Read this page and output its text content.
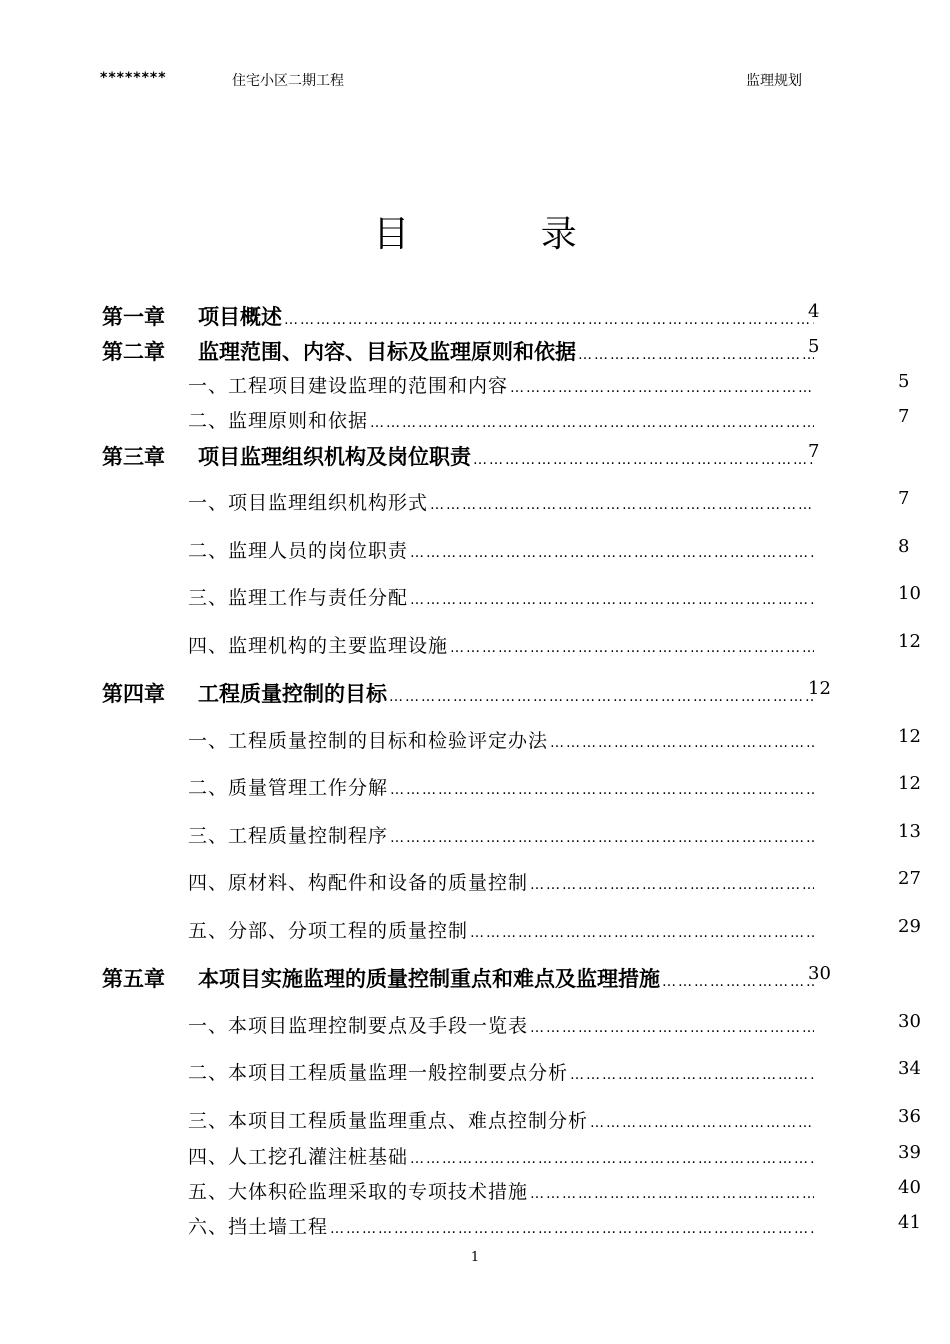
********	住宅小区二期工程	监理规划
目 录
第一章	项目概述 …………………………………………………………………………………………………………………………………………	4
第二章	监理范围、内容、目标及监理原则和依据 …………………………………………………………………………………………………………………………………………	5
一、工程项目建设监理的范围和内容 …………………………………………………………………………………………………………………………………………	5
二、监理原则和依据 …………………………………………………………………………………………………………………………………………	7
第三章	项目监理组织机构及岗位职责 …………………………………………………………………………………………………………………………………………	7
一、项目监理组织机构形式 …………………………………………………………………………………………………………………………………………	7
二、监理人员的岗位职责 …………………………………………………………………………………………………………………………………………	8
三、监理工作与责任分配 …………………………………………………………………………………………………………………………………………	10
四、监理机构的主要监理设施 …………………………………………………………………………………………………………………………………………	12
第四章	工程质量控制的目标 …………………………………………………………………………………………………………………………………………	12
一、工程质量控制的目标和检验评定办法 …………………………………………………………………………………………………………………………………………	12
二、质量管理工作分解 …………………………………………………………………………………………………………………………………………	12
三、工程质量控制程序 …………………………………………………………………………………………………………………………………………	13
四、原材料、构配件和设备的质量控制 …………………………………………………………………………………………………………………………………………	27
五、分部、分项工程的质量控制 …………………………………………………………………………………………………………………………………………	29
第五章	本项目实施监理的质量控制重点和难点及监理措施 …………………………………………………………………………………………………………………………………………	30
一、本项目监理控制要点及手段一览表 …………………………………………………………………………………………………………………………………………	30
二、本项目工程质量监理一般控制要点分析 …………………………………………………………………………………………………………………………………………	34
三、本项目工程质量监理重点、难点控制分析 …………………………………………………………………………………………………………………………………………	36
四、人工挖孔灌注桩基础 …………………………………………………………………………………………………………………………………………	39
五、大体积砼监理采取的专项技术措施 …………………………………………………………………………………………………………………………………………	40
六、挡土墙工程 …………………………………………………………………………………………………………………………………………	41
1
